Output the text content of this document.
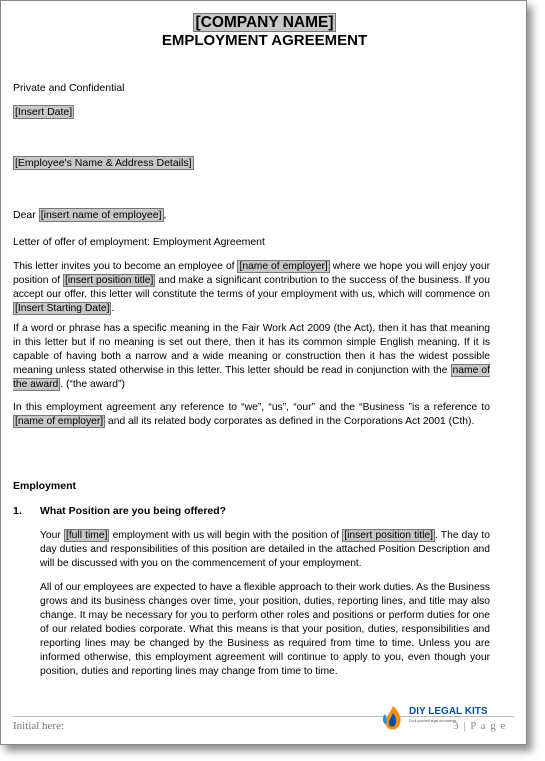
[COMPANY NAME]
EMPLOYMENT AGREEMENT
Private and Confidential
[Insert Date]
[Employee's Name & Address Details]
Dear [insert name of employee] ,
Letter of offer of employment: Employment Agreement
This letter invites you to become an employee of [name of employer] where we hope you will enjoy your position of [insert position title] and make a significant contribution to the success of the business. If you accept our offer, this letter will constitute the terms of your employment with us, which will commence on [Insert Starting Date] .
If a word or phrase has a specific meaning in the Fair Work Act 2009 (the Act), then it has that meaning in this letter but if no meaning is set out there, then it has its common simple English meaning. If it is capable of having both a narrow and a wide meaning or construction then it has the widest possible meaning unless stated otherwise in this letter. This letter should be read in conjunction with the name of the award . (“the award”)
In this employment agreement any reference to “we”, “us”, “our” and the “Business ”is a reference to [name of employer] and all its related body corporates as defined in the Corporations Act 2001 (Cth).
Employment
1. What Position are you being offered?
Your [full time] employment with us will begin with the position of [insert position title] . The day to day duties and responsibilities of this position are detailed in the attached Position Description and will be discussed with you on the commencement of your employment.
All of our employees are expected to have a flexible approach to their work duties. As the Business grows and its business changes over time, your position, duties, reporting lines, and title may also change. It may be necessary for you to perform other roles and positions or perform duties for one of our related bodies corporate. What this means is that your position, duties, responsibilities and reporting lines may be changed by the Business as required from time to time. Unless you are informed otherwise, this employment agreement will continue to apply to you, even though your position, duties and reporting lines may change from time to time.
Initial here:	3 | P a g e
DIY LEGAL KITS
Do-it-yourself legal documents
